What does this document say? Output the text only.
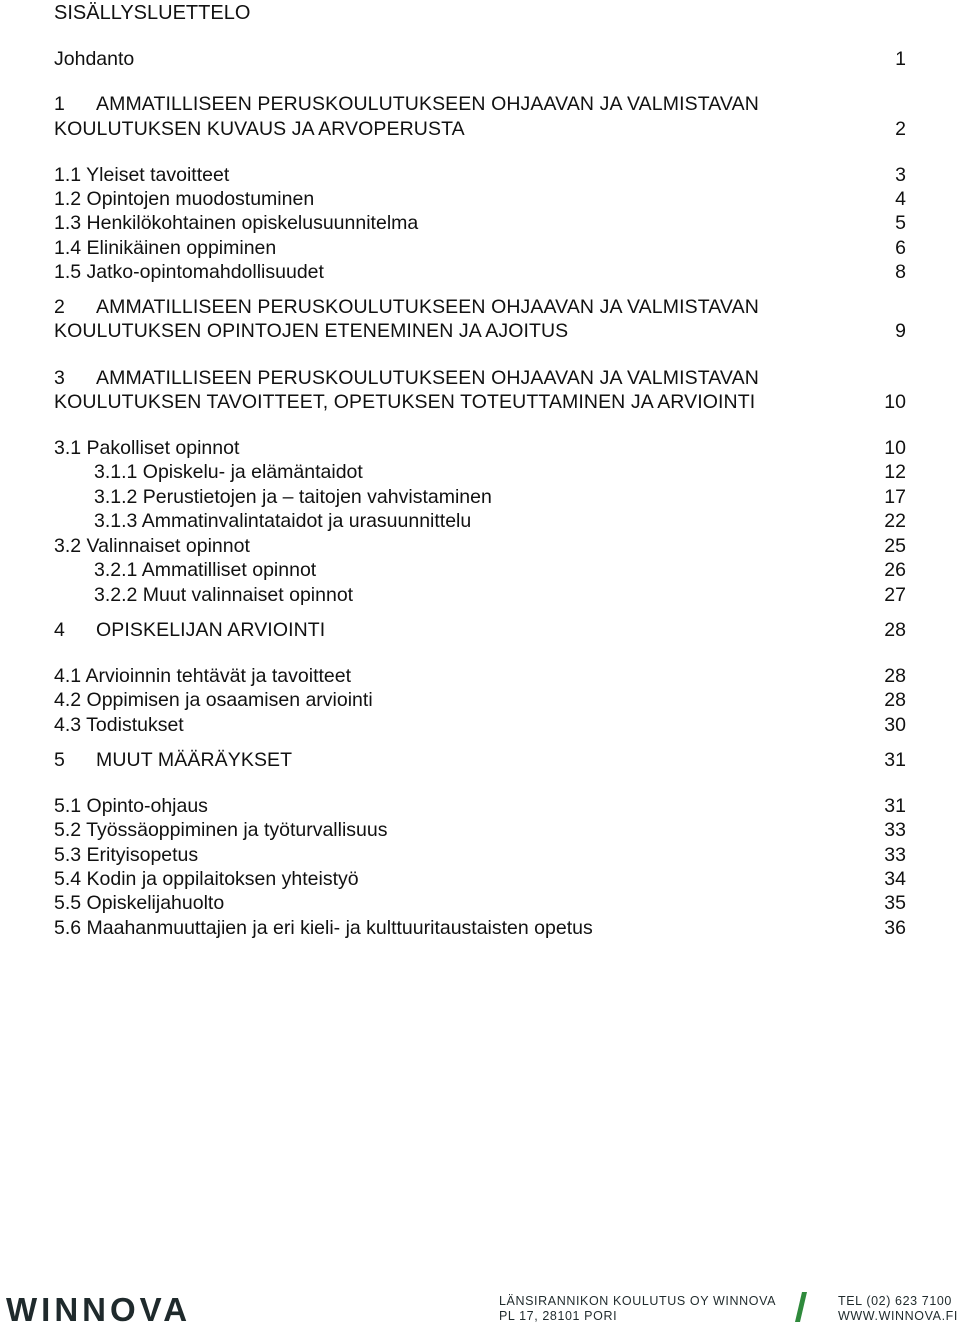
SISÄLLYSLUETTELO
Johdanto	1
1 AMMATILLISEEN PERUSKOULUTUKSEEN OHJAAVAN JA VALMISTAVAN
KOULUTUKSEN KUVAUS JA ARVOPERUSTA	2
1.1 Yleiset tavoitteet	3
1.2 Opintojen muodostuminen	4
1.3 Henkilökohtainen opiskelusuunnitelma	5
1.4 Elinikäinen oppiminen	6
1.5 Jatko-opintomahdollisuudet	8
2 AMMATILLISEEN PERUSKOULUTUKSEEN OHJAAVAN JA VALMISTAVAN
KOULUTUKSEN OPINTOJEN ETENEMINEN JA AJOITUS	9
3 AMMATILLISEEN PERUSKOULUTUKSEEN OHJAAVAN JA VALMISTAVAN
KOULUTUKSEN TAVOITTEET, OPETUKSEN TOTEUTTAMINEN JA ARVIOINTI	10
3.1 Pakolliset opinnot	10
3.1.1 Opiskelu- ja elämäntaidot	12
3.1.2 Perustietojen ja – taitojen vahvistaminen	17
3.1.3 Ammatinvalintataidot ja urasuunnittelu	22
3.2 Valinnaiset opinnot	25
3.2.1 Ammatilliset opinnot	26
3.2.2 Muut valinnaiset opinnot	27
4 OPISKELIJAN ARVIOINTI	28
4.1 Arvioinnin tehtävät ja tavoitteet	28
4.2 Oppimisen ja osaamisen arviointi	28
4.3 Todistukset	30
5 MUUT MÄÄRÄYKSET	31
5.1 Opinto-ohjaus	31
5.2 Työssäoppiminen ja työturvallisuus	33
5.3 Erityisopetus	33
5.4 Kodin ja oppilaitoksen yhteistyö	34
5.5 Opiskelijahuolto	35
5.6 Maahanmuuttajien ja eri kieli- ja kulttuuritaustaisten opetus	36
WINNOVA	LÄNSIRANNIKON KOULUTUS OY WINNOVA
PL 17, 28101 PORI
TEL (02) 623 7100
WWW.WINNOVA.FI
